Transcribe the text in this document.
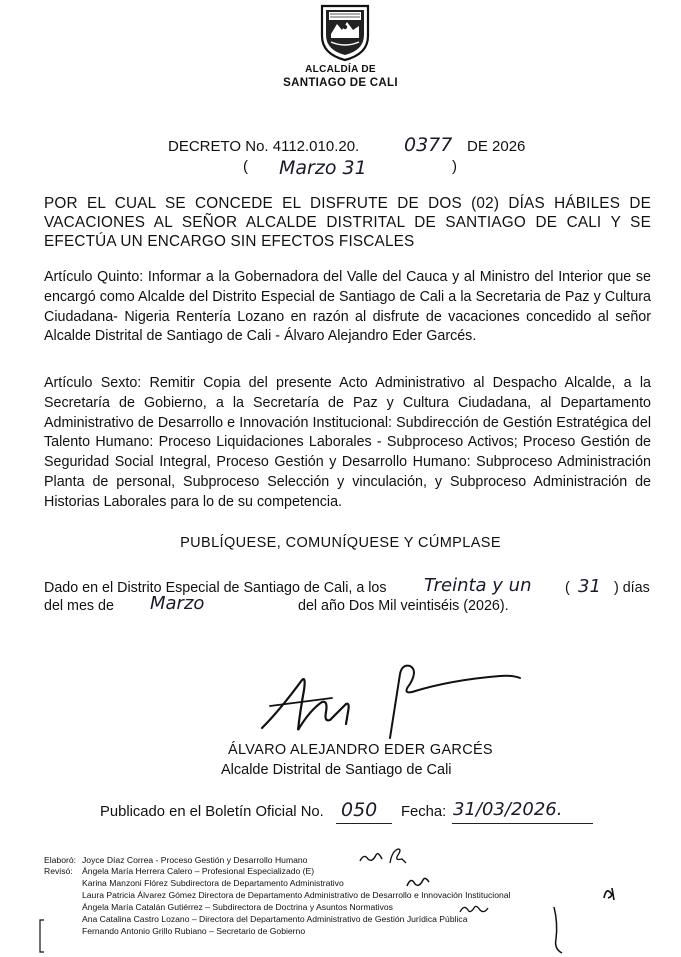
ALCALDÍA DE
SANTIAGO DE CALI
DECRETO No. 4112.010.20. 0377 DE 2026
( Marzo 31	)
POR EL CUAL SE CONCEDE EL DISFRUTE DE DOS (02) DÍAS HÁBILES DE VACACIONES AL SEÑOR ALCALDE DISTRITAL DE SANTIAGO DE CALI Y SE EFECTÚA UN ENCARGO SIN EFECTOS FISCALES
Artículo Quinto: Informar a la Gobernadora del Valle del Cauca y al Ministro del Interior que se encargó como Alcalde del Distrito Especial de Santiago de Cali a la Secretaria de Paz y Cultura Ciudadana- Nigeria Rentería Lozano en razón al disfrute de vacaciones concedido al señor Alcalde Distrital de Santiago de Cali - Álvaro Alejandro Eder Garcés.
Artículo Sexto: Remitir Copia del presente Acto Administrativo al Despacho Alcalde, a la Secretaría de Gobierno, a la Secretaría de Paz y Cultura Ciudadana, al Departamento Administrativo de Desarrollo e Innovación Institucional: Subdirección de Gestión Estratégica del Talento Humano: Proceso Liquidaciones Laborales - Subproceso Activos; Proceso Gestión de Seguridad Social Integral, Proceso Gestión y Desarrollo Humano: Subproceso Administración Planta de personal, Subproceso Selección y vinculación, y Subproceso Administración de Historias Laborales para lo de su competencia.
PUBLÍQUESE, COMUNÍQUESE Y CÚMPLASE
Dado en el Distrito Especial de Santiago de Cali, a los Treinta y un ( 31 ) días
del mes de Marzo	del año Dos Mil veintiséis (2026).
ÁLVARO ALEJANDRO EDER GARCÉS
Alcalde Distrital de Santiago de Cali
Publicado en el Boletín Oficial No. 050 Fecha: 31/03/2026.
Elaboró: Joyce Díaz Correa - Proceso Gestión y Desarrollo Humano
Revisó: Ángela María Herrera Calero – Profesional Especializado (E)
Karina Manzoni Flórez Subdirectora de Departamento Administrativo
Laura Patricia Álvarez Gómez Directora de Departamento Administrativo de Desarrollo e Innovación Institucional
Ángela María Catalán Gutiérrez – Subdirectora de Doctrina y Asuntos Normativos
Ana Catalina Castro Lozano – Directora del Departamento Administrativo de Gestión Jurídica Pública
Fernando Antonio Grillo Rubiano – Secretario de Gobierno
